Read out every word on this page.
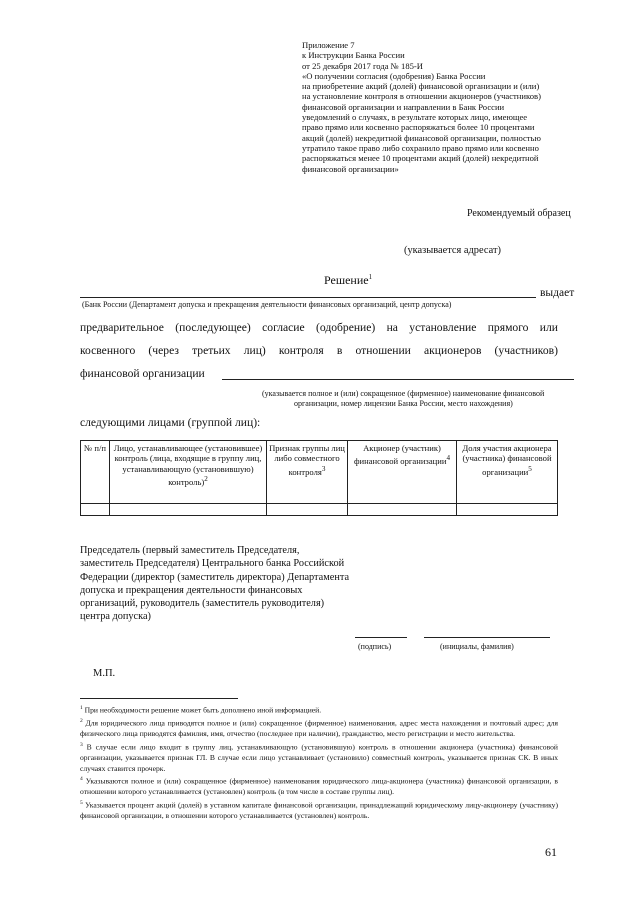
Приложение 7
к Инструкции Банка России
от 25 декабря 2017 года № 185-И
«О получении согласия (одобрения) Банка России
на приобретение акций (долей) финансовой организации и (или)
на установление контроля в отношении акционеров (участников)
финансовой организации и направлении в Банк России
уведомлений о случаях, в результате которых лицо, имеющее
право прямо или косвенно распоряжаться более 10 процентами
акций (долей) некредитной финансовой организации, полностью
утратило такое право либо сохранило право прямо или косвенно
распоряжаться менее 10 процентами акций (долей) некредитной
финансовой организации»
Рекомендуемый образец
(указывается адресат)
Решение$^1$
выдает
(Банк России (Департамент допуска и прекращения деятельности финансовых организаций, центр допуска)
предварительное (последующее) согласие (одобрение) на установление прямого или
косвенного (через третьих лиц) контроля в отношении акционеров (участников)
финансовой организации
(указывается полное и (или) сокращенное (фирменное) наименование финансовой
организации, номер лицензии Банка России, место нахождения)
следующими лицами (группой лиц):
№ п/п	Лицо, устанавливающее (установившее) контроль (лица, входящие в группу лиц, устанавливающую (установившую) контроль)$^2$	Признак группы лиц либо совместного контроля$^3$	Акционер (участник) финансовой организации$^4$	Доля участия акционера (участника) финансовой организации$^5$

Председатель (первый заместитель Председателя, заместитель Председателя) Центрального банка Российской Федерации (директор (заместитель директора) Департамента допуска и прекращения деятельности финансовых организаций, руководитель (заместитель руководителя) центра допуска)
(подпись)	(инициалы, фамилия)
М.П.

$^1$ При необходимости решение может быть дополнено иной информацией.

$^2$ Для юридического лица приводятся полное и (или) сокращенное (фирменное) наименования, адрес места нахождения и почтовый адрес; для физического лица приводятся фамилия, имя, отчество (последнее при наличии), гражданство, место регистрации и место жительства.

$^3$ В случае если лицо входит в группу лиц, устанавливающую (установившую) контроль в отношении акционера (участника) финансовой организации, указывается признак ГЛ. В случае если лицо устанавливает (установило) совместный контроль, указывается признак СК. В иных случаях ставится прочерк.

$^4$ Указываются полное и (или) сокращенное (фирменное) наименования юридического лица-акционера (участника) финансовой организации, в отношении которого устанавливается (установлен) контроль (в том числе в составе группы лиц).

$^5$ Указывается процент акций (долей) в уставном капитале финансовой организации, принадлежащий юридическому лицу-акционеру (участнику) финансовой организации, в отношении которого устанавливается (установлен) контроль.

61
